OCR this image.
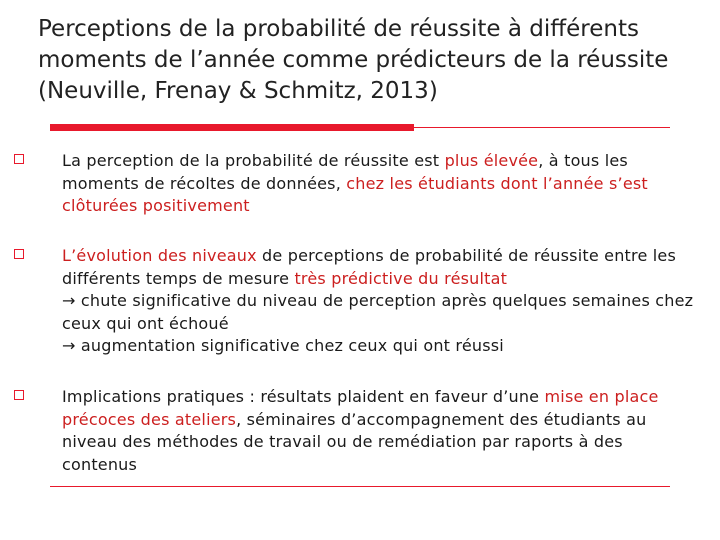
Perceptions de la probabilité de réussite à différents moments de l’année comme prédicteurs de la réussite (Neuville, Frenay & Schmitz, 2013)
La perception de la probabilité de réussite est plus élevée, à tous les moments de récoltes de données, chez les étudiants dont l’année s’est clôturées positivement
L’évolution des niveaux de perceptions de probabilité de réussite entre les différents temps de mesure très prédictive du résultat
→ chute significative du niveau de perception après quelques semaines chez ceux qui ont échoué
→ augmentation significative chez ceux qui ont réussi
Implications pratiques : résultats plaident en faveur d’une mise en place précoces des ateliers, séminaires d’accompagnement des étudiants au niveau des méthodes de travail ou de remédiation par raports à des contenus
